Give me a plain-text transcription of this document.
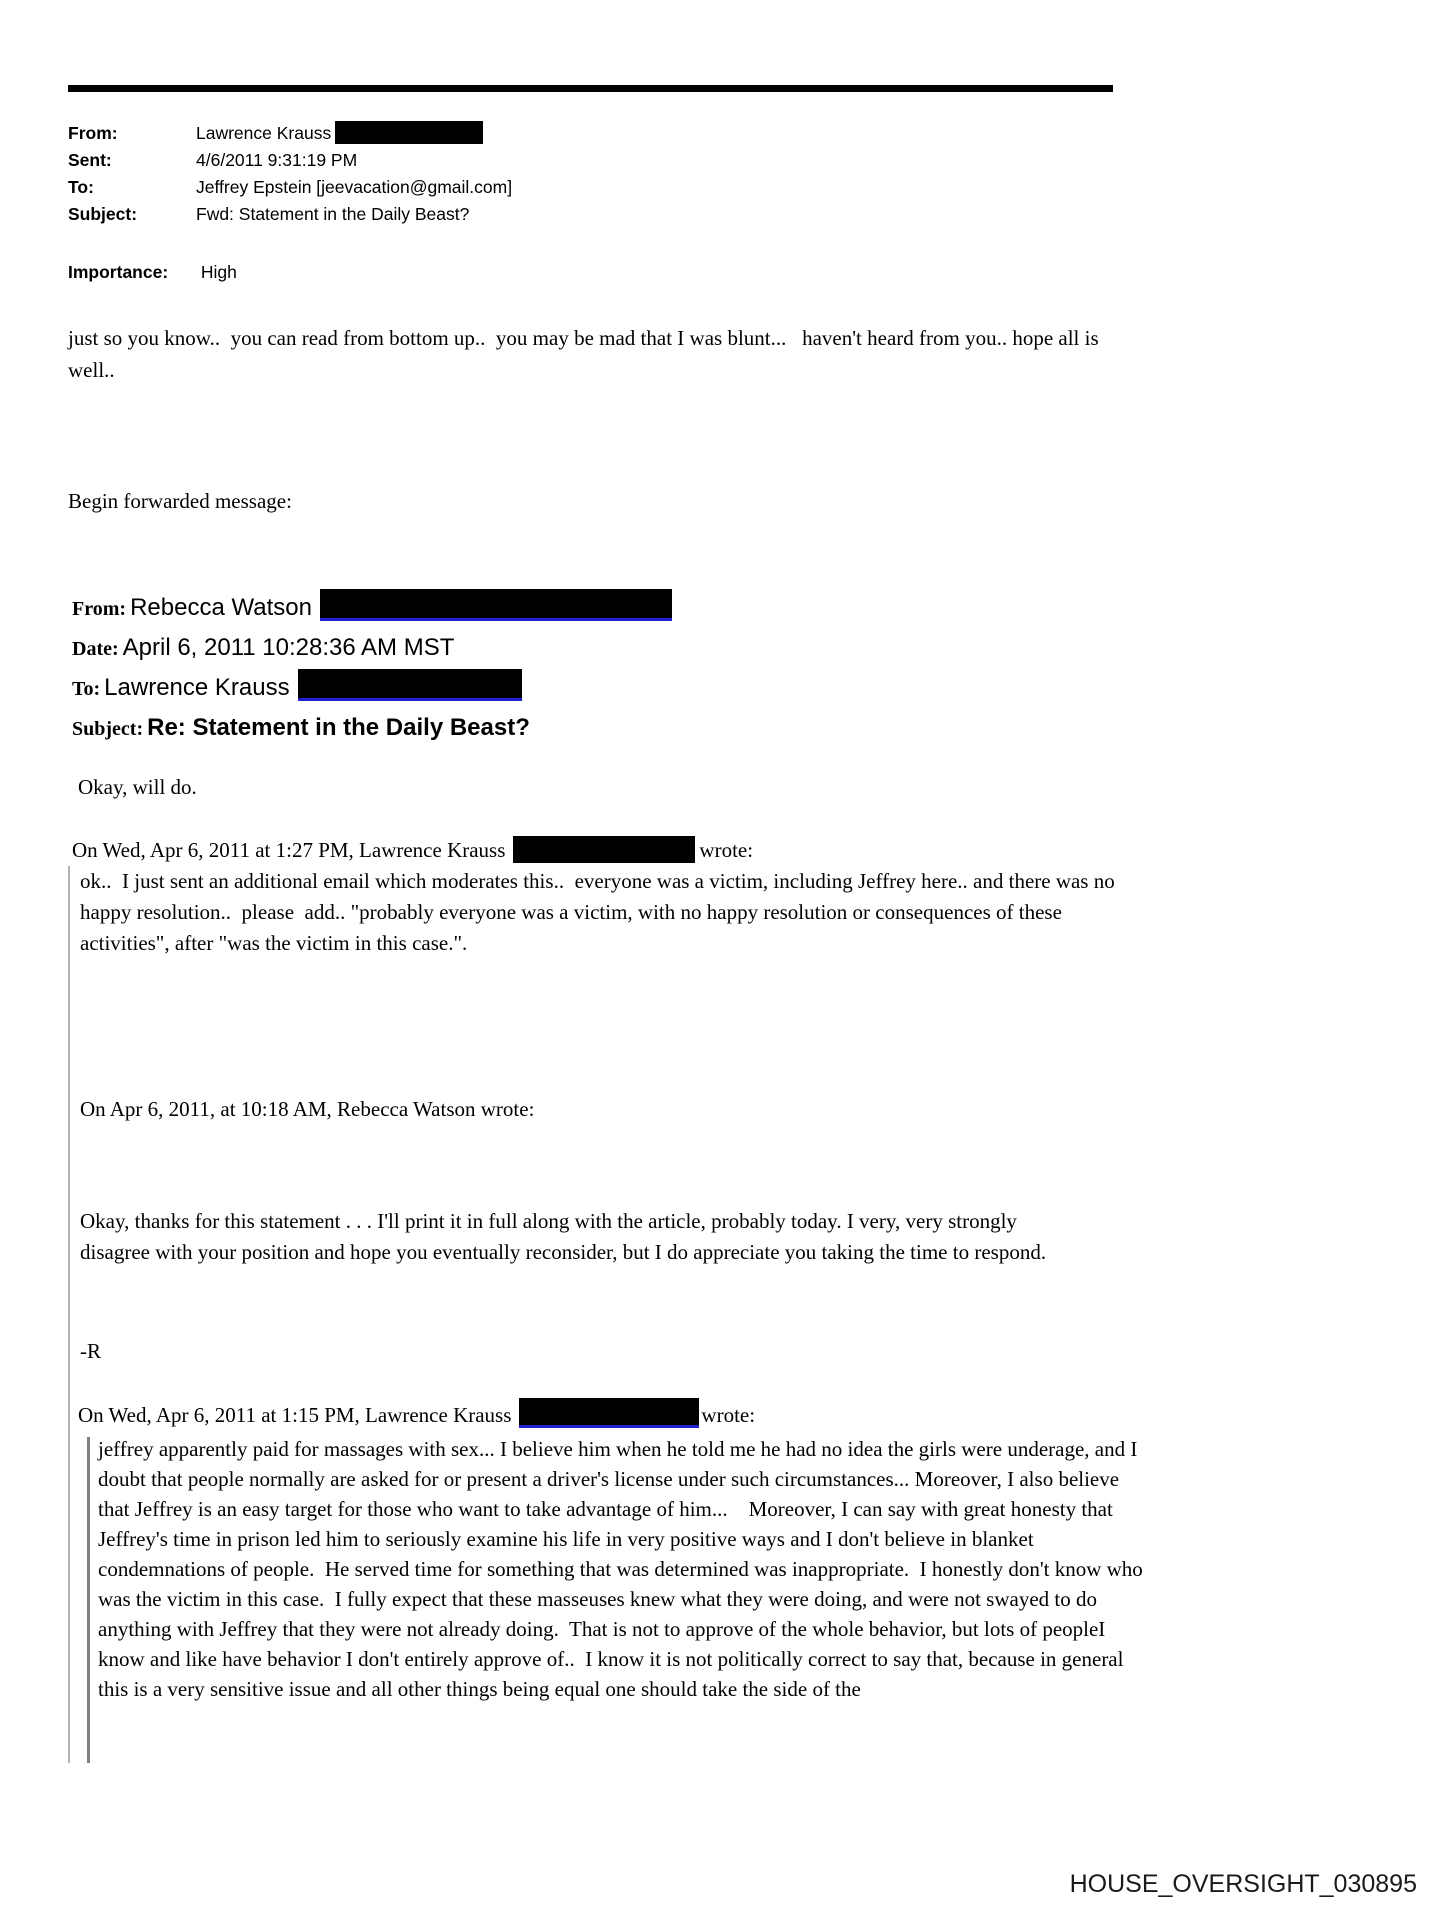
From:	Lawrence Krauss
Sent:	4/6/2011 9:31:19 PM
To:	Jeffrey Epstein [jeevacation@gmail.com]
Subject:	Fwd: Statement in the Daily Beast?
Importance: High
just so you know..  you can read from bottom up..  you may be mad that I was blunt...   haven't heard from you.. hope all is well..
Begin forwarded message:
From: Rebecca Watson
Date: April 6, 2011 10:28:36 AM MST
To: Lawrence Krauss
Subject: Re: Statement in the Daily Beast?
Okay, will do.
On Wed, Apr 6, 2011 at 1:27 PM, Lawrence Krauss	wrote:
ok..  I just sent an additional email which moderates this..  everyone was a victim, including Jeffrey here.. and there was no happy resolution..  please  add.. "probably everyone was a victim, with no happy resolution or consequences of these activities", after "was the victim in this case.".
On Apr 6, 2011, at 10:18 AM, Rebecca Watson wrote:
Okay, thanks for this statement . . . I'll print it in full along with the article, probably today. I very, very strongly disagree with your position and hope you eventually reconsider, but I do appreciate you taking the time to respond.
-R
On Wed, Apr 6, 2011 at 1:15 PM, Lawrence Krauss	wrote:
jeffrey apparently paid for massages with sex... I believe him when he told me he had no idea the girls were underage, and I doubt that people normally are asked for or present a driver's license under such circumstances... Moreover, I also believe that Jeffrey is an easy target for those who want to take advantage of him...    Moreover, I can say with great honesty that Jeffrey's time in prison led him to seriously examine his life in very positive ways and I don't believe in blanket condemnations of people.  He served time for something that was determined was inappropriate.  I honestly don't know who was the victim in this case.  I fully expect that these masseuses knew what they were doing, and were not swayed to do anything with Jeffrey that they were not already doing.  That is not to approve of the whole behavior, but lots of peopleI know and like have behavior I don't entirely approve of..  I know it is not politically correct to say that, because in general this is a very sensitive issue and all other things being equal one should take the side of the
HOUSE_OVERSIGHT_030895
